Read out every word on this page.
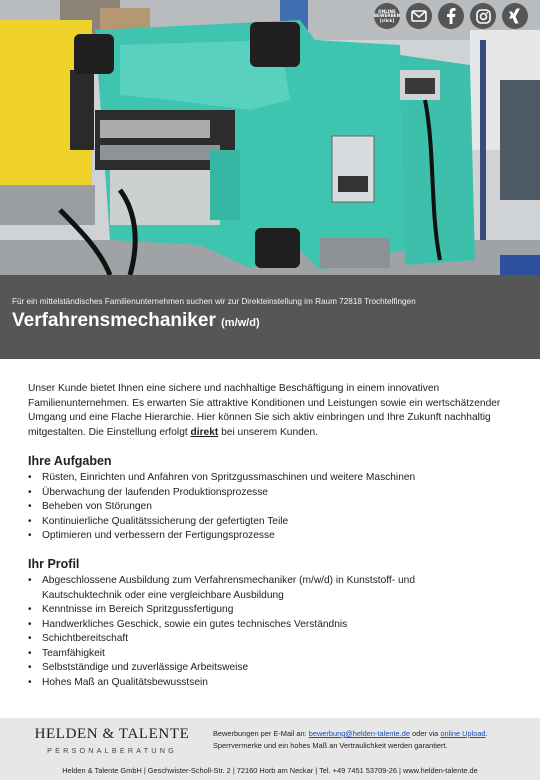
ONLINE
BEWERBEN
[click]
Für ein mittelständisches Familienunternehmen suchen wir zur Direkteinstellung im Raum 72818 Trochtelfingen
Verfahrensmechaniker (m/w/d)

Unser Kunde bietet Ihnen eine sichere und nachhaltige Beschäftigung in einem innovativen Familienunternehmen. Es erwarten Sie attraktive Konditionen und Leistungen sowie ein wertschätzender Umgang und eine Flache Hierarchie. Hier können Sie sich aktiv einbringen und Ihre Zukunft nachhaltig mitgestalten. Die Einstellung erfolgt direkt bei unserem Kunden.

Ihre Aufgaben
• Rüsten, Einrichten und Anfahren von Spritzgussmaschinen und weitere Maschinen
• Überwachung der laufenden Produktionsprozesse
• Beheben von Störungen
• Kontinuierliche Qualitätssicherung der gefertigten Teile
• Optimieren und verbessern der Fertigungsprozesse
Ihr Profil
• Abgeschlossene Ausbildung zum Verfahrensmechaniker (m/w/d) in Kunststoff- und Kautschuktechnik oder eine vergleichbare Ausbildung
• Kenntnisse im Bereich Spritzgussfertigung
• Handwerkliches Geschick, sowie ein gutes technisches Verständnis
• Schichtbereitschaft
• Teamfähigkeit
• Selbstständige und zuverlässige Arbeitsweise
• Hohes Maß an Qualitätsbewusstsein
HELDEN & TALENTE
PERSONALBERATUNG
Bewerbungen per E-Mail an: bewerbung@helden-talente.de oder via online Upload.
Sperrvermerke und ein hohes Maß an Vertraulichkeit werden garantiert.
Helden & Talente GmbH | Geschwister-Scholl-Str. 2 | 72160 Horb am Neckar | Tel. +49 7451 53709-26 | www.helden-talente.de
